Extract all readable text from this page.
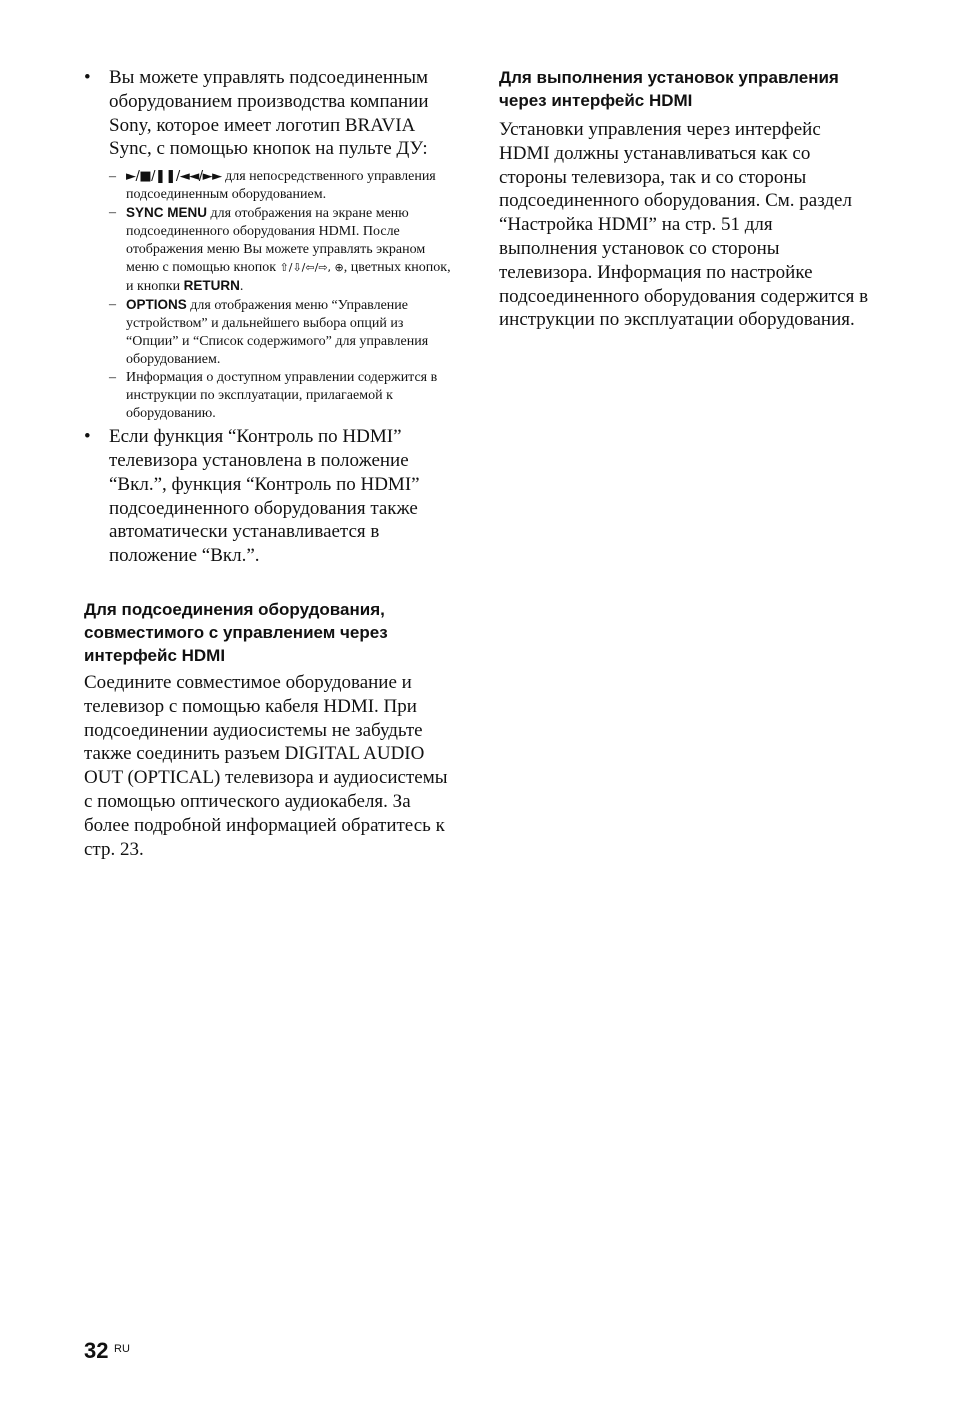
• Вы можете управлять подсоединенным оборудованием производства компании Sony, которое имеет логотип BRAVIA Sync, с помощью кнопок на пульте ДУ:
– ►/■/❚❚/◄◄/►► для непосредственного управления подсоединенным оборудованием.
– SYNC MENU для отображения на экране меню подсоединенного оборудования HDMI. После отображения меню Вы можете управлять экраном меню с помощью кнопок ⇧/⇩/⇦/⇨, ⊕, цветных кнопок, и кнопки RETURN.
– OPTIONS для отображения меню “Управление устройством” и дальнейшего выбора опций из “Опции” и “Список содержимого” для управления оборудованием.
– Информация о доступном управлении содержится в инструкции по эксплуатации, прилагаемой к оборудованию.
• Если функция “Контроль по HDMI” телевизора установлена в положение “Вкл.”, функция “Контроль по HDMI” подсоединенного оборудования также автоматически устанавливается в положение “Вкл.”.
Для подсоединения оборудования, совместимого с управлением через интерфейс HDMI

Соедините совместимое оборудование и телевизор с помощью кабеля HDMI. При подсоединении аудиосистемы не забудьте также соединить разъем DIGITAL AUDIO OUT (OPTICAL) телевизора и аудиосистемы с помощью оптического аудиокабеля. За более подробной информацией обратитесь к стр. 23.

Для выполнения установок управления через интерфейс HDMI

Установки управления через интерфейс HDMI должны устанавливаться как со стороны телевизора, так и со стороны подсоединенного оборудования. См. раздел “Настройка HDMI” на стр. 51 для выполнения установок со стороны телевизора. Информация по настройке подсоединенного оборудования содержится в инструкции по эксплуатации оборудования.

32 RU
